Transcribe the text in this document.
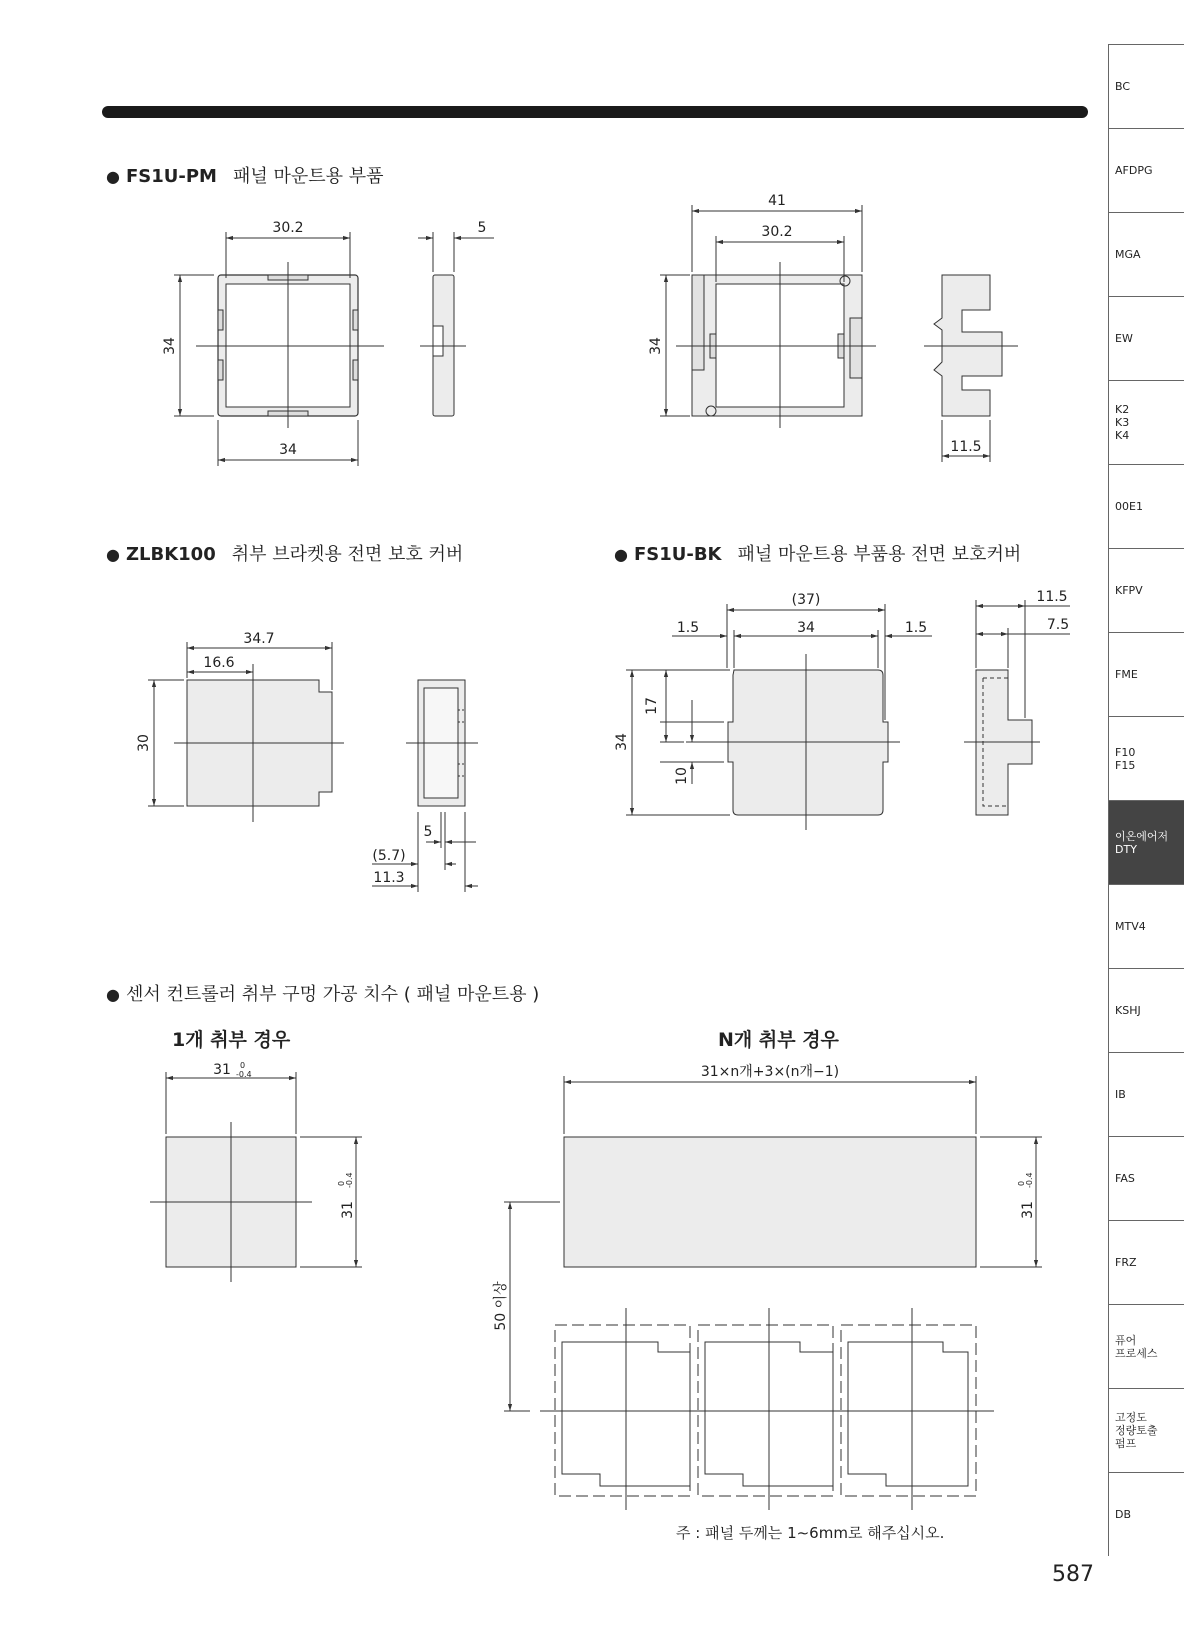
● FS1U-PM 패널 마운트용 부품
● ZLBK100 취부 브라켓용 전면 보호 커버	● FS1U-BK 패널 마운트용 부품용 전면 보호커버
● 센서 컨트롤러 취부 구멍 가공 치수 ( 패널 마운트용 )
1개 취부 경우	N개 취부 경우
주 : 패널 두께는 1∼6mm로 해주십시오.
587
30.2
34
34
5
41
30.2
34
11.5
34.7
16.6
30
5
(5.7)
11.3
(37)
1.5	34	1.5
34
17
10
11.5
7.5
31 0
-0.4
31
0 -0.4
31×n개+3×(n개−1)
31
0 -0.4
50 이상
BC
AFDPG
MGA
EW
K2
K3
K4
00E1
KFPV
FME
F10
F15
이온에어저
DTY
MTV4
KSHJ
IB
FAS
FRZ
퓨어
프로세스
고정도
정량토출
펌프
DB
